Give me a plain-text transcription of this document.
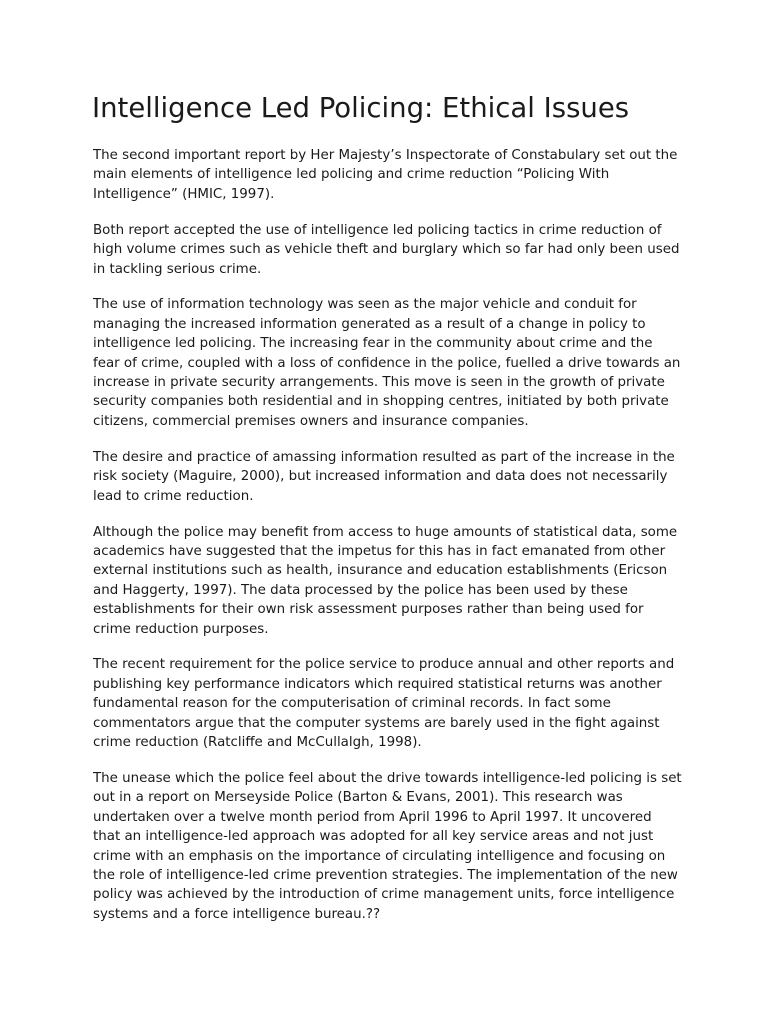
Intelligence Led Policing: Ethical Issues

The second important report by Her Majesty’s Inspectorate of Constabulary set out the main elements of intelligence led policing and crime reduction “Policing With Intelligence” (HMIC, 1997).

Both report accepted the use of intelligence led policing tactics in crime reduction of high volume crimes such as vehicle theft and burglary which so far had only been used in tackling serious crime.

The use of information technology was seen as the major vehicle and conduit for managing the increased information generated as a result of a change in policy to intelligence led policing. The increasing fear in the community about crime and the fear of crime, coupled with a loss of confidence in the police, fuelled a drive towards an increase in private security arrangements. This move is seen in the growth of private security companies both residential and in shopping centres, initiated by both private citizens, commercial premises owners and insurance companies.

The desire and practice of amassing information resulted as part of the increase in the risk society (Maguire, 2000), but increased information and data does not necessarily lead to crime reduction.

Although the police may benefit from access to huge amounts of statistical data, some academics have suggested that the impetus for this has in fact emanated from other external institutions such as health, insurance and education establishments (Ericson and Haggerty, 1997). The data processed by the police has been used by these establishments for their own risk assessment purposes rather than being used for crime reduction purposes.

The recent requirement for the police service to produce annual and other reports and publishing key performance indicators which required statistical returns was another fundamental reason for the computerisation of criminal records. In fact some commentators argue that the computer systems are barely used in the fight against crime reduction (Ratcliffe and McCullalgh, 1998).

The unease which the police feel about the drive towards intelligence-led policing is set out in a report on Merseyside Police (Barton & Evans, 2001). This research was undertaken over a twelve month period from April 1996 to April 1997. It uncovered that an intelligence-led approach was adopted for all key service areas and not just crime with an emphasis on the importance of circulating intelligence and focusing on the role of intelligence-led crime prevention strategies. The implementation of the new policy was achieved by the introduction of crime management units, force intelligence systems and a force intelligence bureau.??
